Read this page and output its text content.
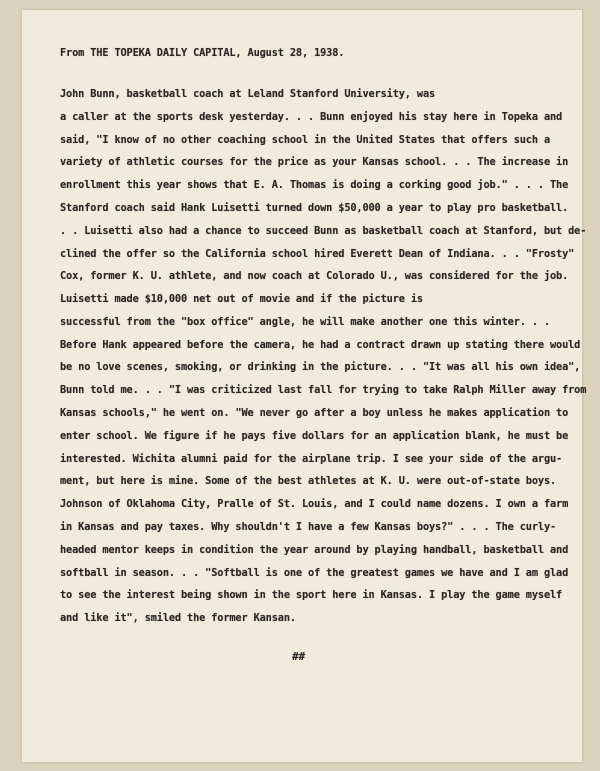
From THE TOPEKA DAILY CAPITAL, August 28, 1938.

John Bunn, basketball coach at Leland Stanford University, was
a caller at the sports desk yesterday. . . Bunn enjoyed his stay here in Topeka and
said, "I know of no other coaching school in the United States that offers such a
variety of athletic courses for the price as your Kansas school. . . The increase in
enrollment this year shows that E. A. Thomas is doing a corking good job." . . . The
Stanford coach said Hank Luisetti turned down $50,000 a year to play pro basketball.
. . Luisetti also had a chance to succeed Bunn as basketball coach at Stanford, but de-
clined the offer so the California school hired Everett Dean of Indiana. . . "Frosty"
Cox, former K. U. athlete, and now coach at Colorado U., was considered for the job.
Luisetti made $10,000 net out of movie and if the picture is
successful from the "box office" angle, he will make another one this winter. . .
Before Hank appeared before the camera, he had a contract drawn up stating there would
be no love scenes, smoking, or drinking in the picture. . . "It was all his own idea",
Bunn told me. . . "I was criticized last fall for trying to take Ralph Miller away from
Kansas schools," he went on. "We never go after a boy unless he makes application to
enter school. We figure if he pays five dollars for an application blank, he must be
interested. Wichita alumni paid for the airplane trip. I see your side of the argu-
ment, but here is mine. Some of the best athletes at K. U. were out-of-state boys.
Johnson of Oklahoma City, Pralle of St. Louis, and I could name dozens. I own a farm
in Kansas and pay taxes. Why shouldn't I have a few Kansas boys?" . . . The curly-
headed mentor keeps in condition the year around by playing handball, basketball and
softball in season. . . "Softball is one of the greatest games we have and I am glad
to see the interest being shown in the sport here in Kansas. I play the game myself
and like it", smiled the former Kansan.
##
